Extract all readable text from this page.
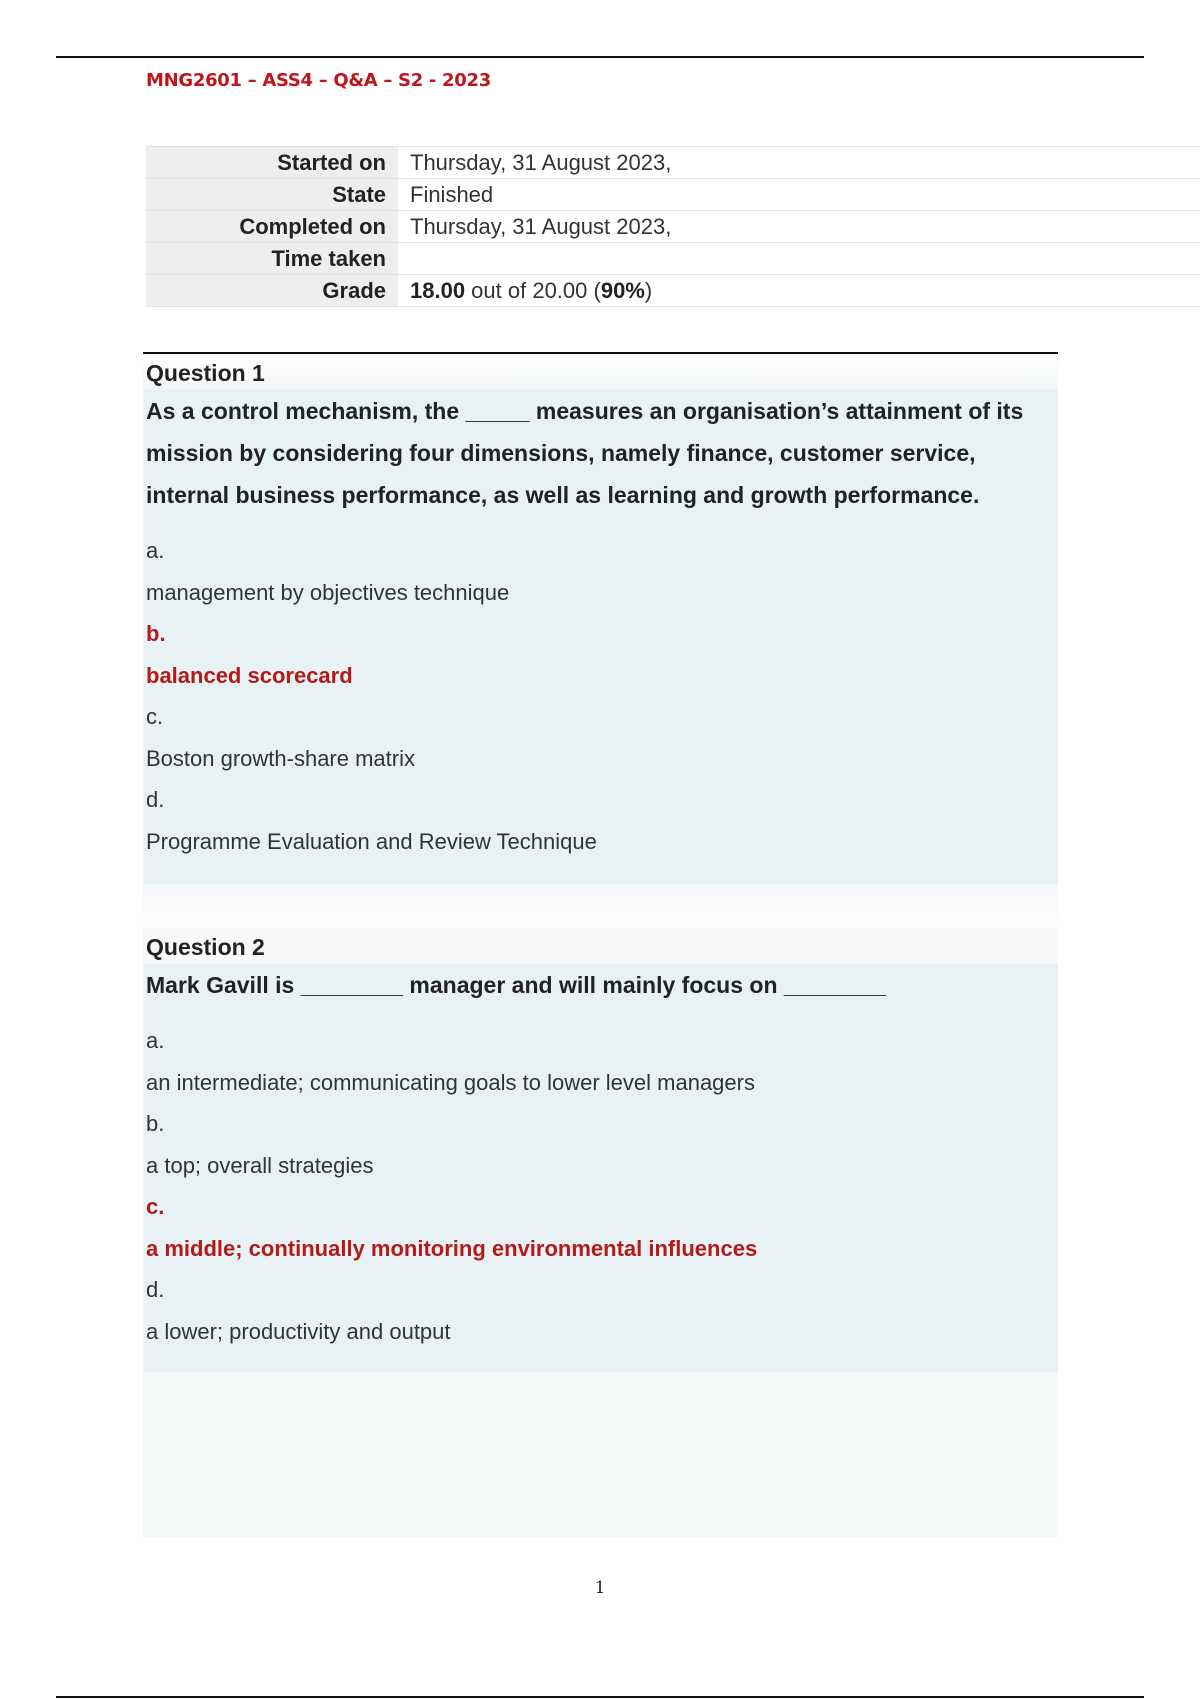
MNG2601 – ASS4 – Q&A – S2 - 2023
Started on	Thursday, 31 August 2023,
State	Finished
Completed on	Thursday, 31 August 2023,
Time taken	
Grade	18.00 out of 20.00 (90%)
Question 1
As a control mechanism, the _____ measures an organisation’s attainment of its mission by considering four dimensions, namely finance, customer service, internal business performance, as well as learning and growth performance.
a.
management by objectives technique
b.
balanced scorecard
c.
Boston growth-share matrix
d.
Programme Evaluation and Review Technique
Question 2
Mark Gavill is ________ manager and will mainly focus on ________
a.
an intermediate; communicating goals to lower level managers
b.
a top; overall strategies
c.
a middle; continually monitoring environmental influences
d.
a lower; productivity and output
1
